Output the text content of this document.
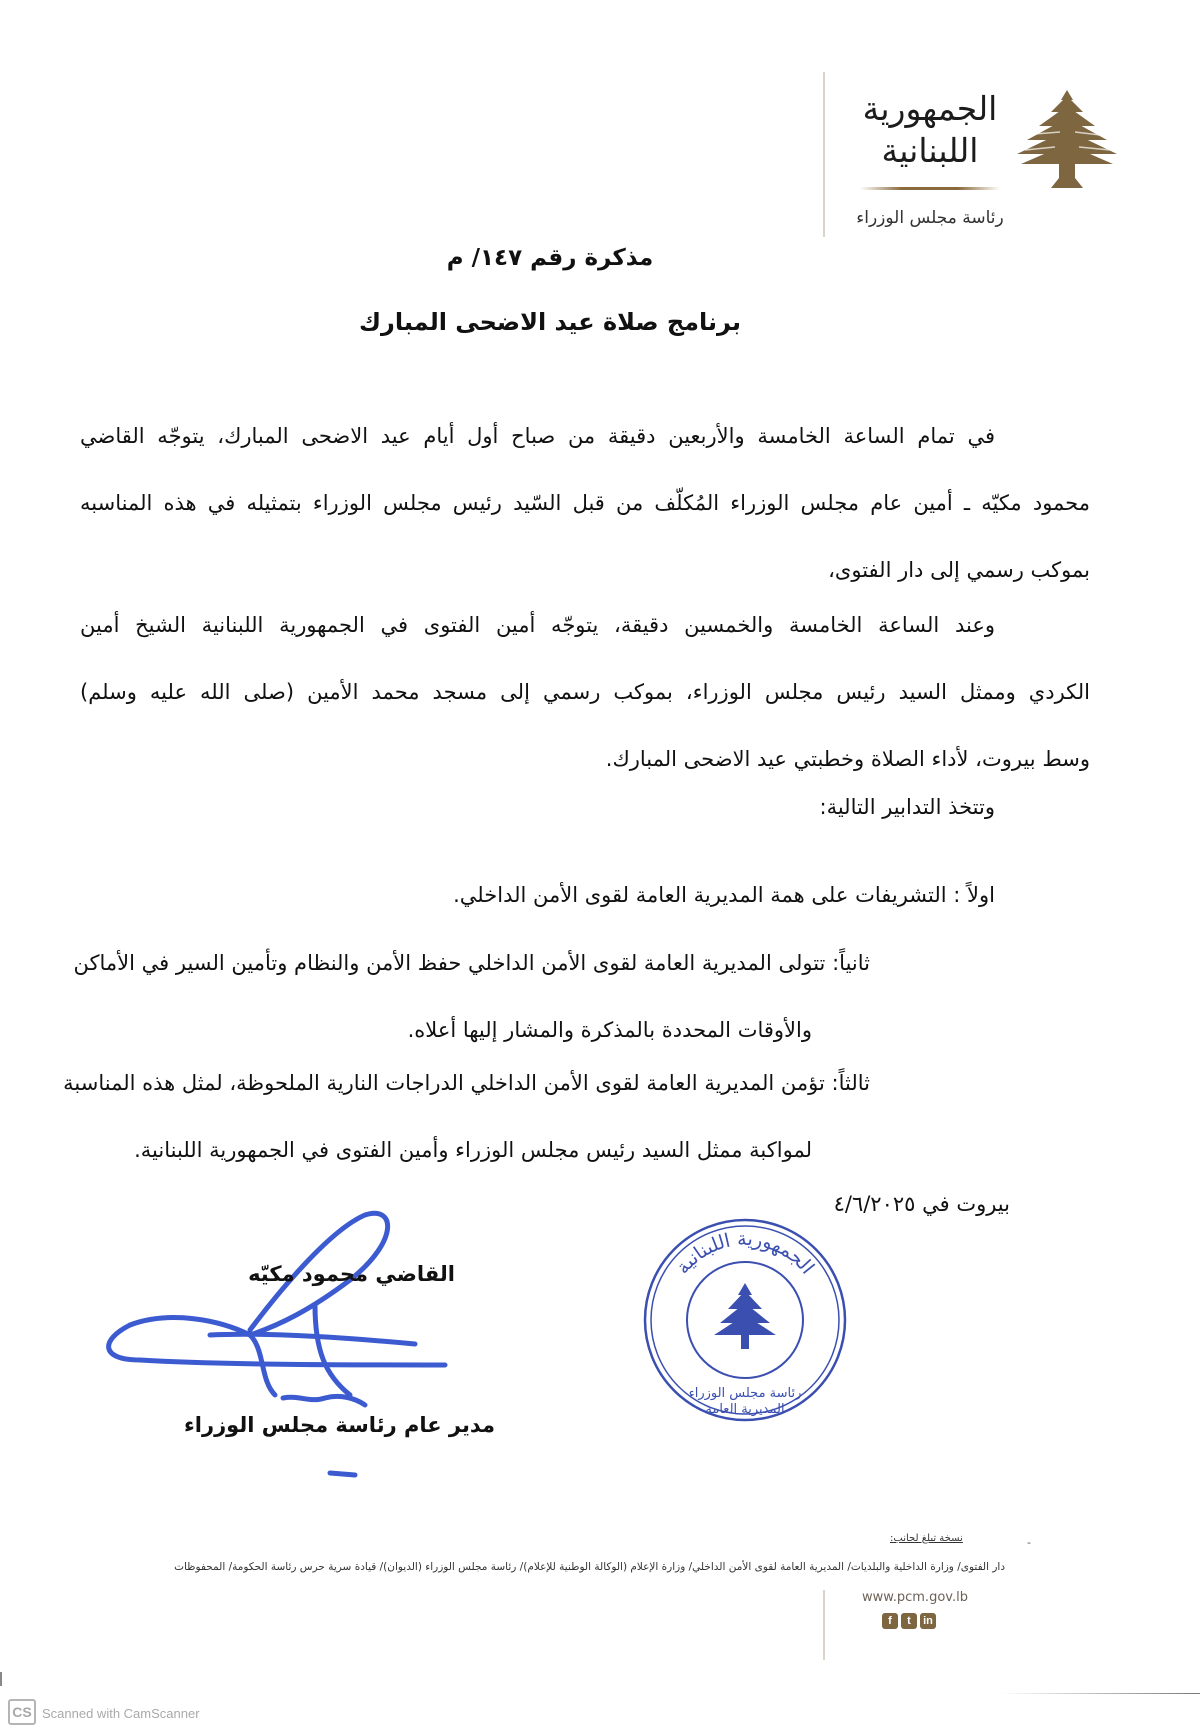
الجمهورية
اللبنانية
رئاسة مجلس الوزراء
مذكرة رقم ١٤٧/ م
برنامج صلاة عيد الاضحى المبارك
في تمام الساعة الخامسة والأربعين دقيقة من صباح أول أيام عيد الاضحى المبارك، يتوجّه القاضي
محمود مكيّه ـ أمين عام مجلس الوزراء المُكلّف من قبل السّيد رئيس مجلس الوزراء بتمثيله في هذه المناسبه
بموكب رسمي إلى دار الفتوى،
وعند الساعة الخامسة والخمسين دقيقة، يتوجّه أمين الفتوى في الجمهورية اللبنانية الشيخ أمين
الكردي وممثل السيد رئيس مجلس الوزراء، بموكب رسمي إلى مسجد محمد الأمين (صلى الله عليه وسلم)
وسط بيروت، لأداء الصلاة وخطبتي عيد الاضحى المبارك.
وتتخذ التدابير التالية:
اولاً : التشريفات على همة المديرية العامة لقوى الأمن الداخلي.
ثانياً: تتولى المديرية العامة لقوى الأمن الداخلي حفظ الأمن والنظام وتأمين السير في الأماكن
والأوقات المحددة بالمذكرة والمشار إليها أعلاه.
ثالثاً: تؤمن المديرية العامة لقوى الأمن الداخلي الدراجات النارية الملحوظة، لمثل هذه المناسبة
لمواكبة ممثل السيد رئيس مجلس الوزراء وأمين الفتوى في الجمهورية اللبنانية.
بيروت في ٤/٦/٢٠٢٥
الجمهورية اللبنانية
رئاسة مجلس الوزراء
المديرية العامة
القاضي محمود مكيّه
مدير عام رئاسة مجلس الوزراء
-
نسخة تبلغ لجانب:
دار الفتوى/ وزارة الداخلية والبلديات/ المديرية العامة لقوى الأمن الداخلي/ وزارة الإعلام (الوكالة الوطنية للإعلام)/ رئاسة مجلس الوزراء (الديوان)/ قيادة سرية حرس رئاسة الحكومة/ المحفوظات
www.pcm.gov.lb
f	t	in
CS Scanned with CamScanner
